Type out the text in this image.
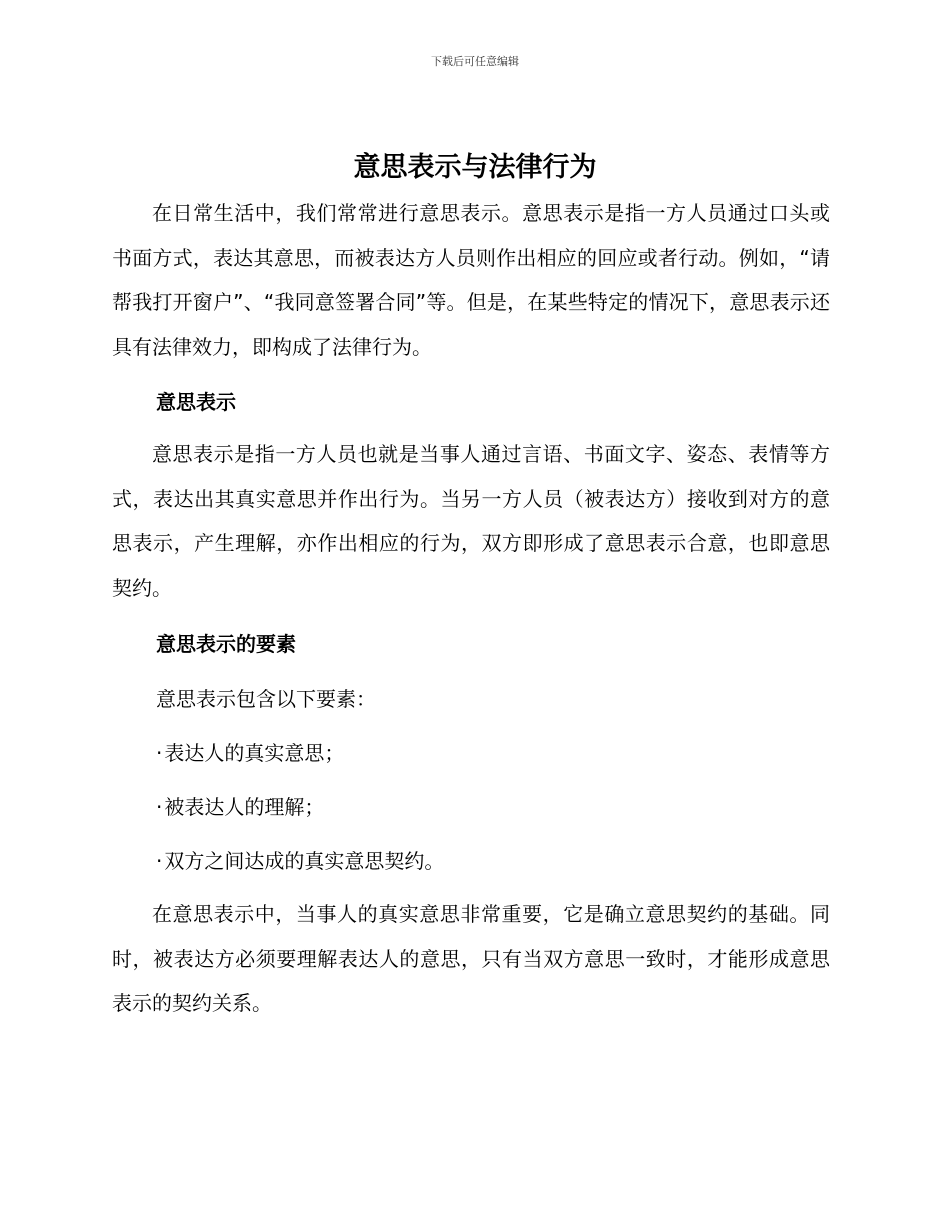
下载后可任意编辑
意思表示与法律行为

在日常生活中，我们常常进行意思表示。意思表示是指一方人员通过口头或书面方式，表达其意思，而被表达方人员则作出相应的回应或者行动。例如，“请帮我打开窗户”、“我同意签署合同”等。但是，在某些特定的情况下，意思表示还具有法律效力，即构成了法律行为。

意思表示

意思表示是指一方人员也就是当事人通过言语、书面文字、姿态、表情等方式，表达出其真实意思并作出行为。当另一方人员（被表达方）接收到对方的意思表示，产生理解，亦作出相应的行为，双方即形成了意思表示合意，也即意思契约。

意思表示的要素

意思表示包含以下要素：

· 表达人的真实意思；

· 被表达人的理解；

· 双方之间达成的真实意思契约。

在意思表示中，当事人的真实意思非常重要，它是确立意思契约的基础。同时，被表达方必须要理解表达人的意思，只有当双方意思一致时，才能形成意思表示的契约关系。
